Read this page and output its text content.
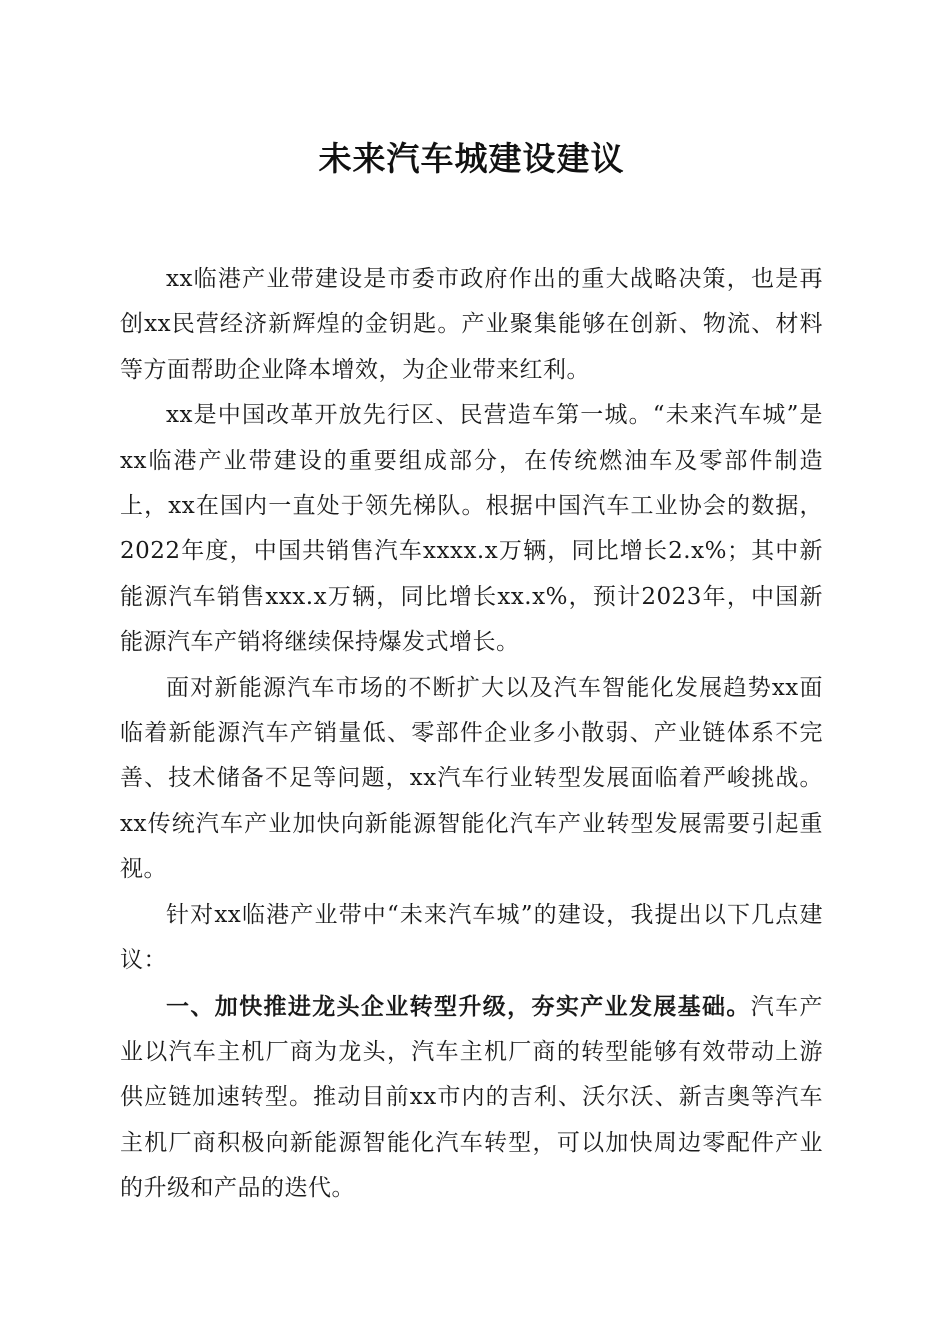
未来汽车城建设建议

xx临港产业带建设是市委市政府作出的重大战略决策，也是再创xx民营经济新辉煌的金钥匙。产业聚集能够在创新、物流、材料等方面帮助企业降本增效，为企业带来红利。

xx是中国改革开放先行区、民营造车第一城。“未来汽车城”是xx临港产业带建设的重要组成部分，在传统燃油车及零部件制造上，xx在国内一直处于领先梯队。根据中国汽车工业协会的数据，2022年度，中国共销售汽车xxxx.x万辆，同比增长2.x%；其中新能源汽车销售xxx.x万辆，同比增长xx.x%，预计2023年，中国新能源汽车产销将继续保持爆发式增长。

面对新能源汽车市场的不断扩大以及汽车智能化发展趋势xx面临着新能源汽车产销量低、零部件企业多小散弱、产业链体系不完善、技术储备不足等问题，xx汽车行业转型发展面临着严峻挑战。xx传统汽车产业加快向新能源智能化汽车产业转型发展需要引起重视。

针对xx临港产业带中“未来汽车城”的建设，我提出以下几点建议：

一、加快推进龙头企业转型升级，夯实产业发展基础。汽车产业以汽车主机厂商为龙头，汽车主机厂商的转型能够有效带动上游供应链加速转型。推动目前xx市内的吉利、沃尔沃、新吉奥等汽车主机厂商积极向新能源智能化汽车转型，可以加快周边零配件产业的升级和产品的迭代。
